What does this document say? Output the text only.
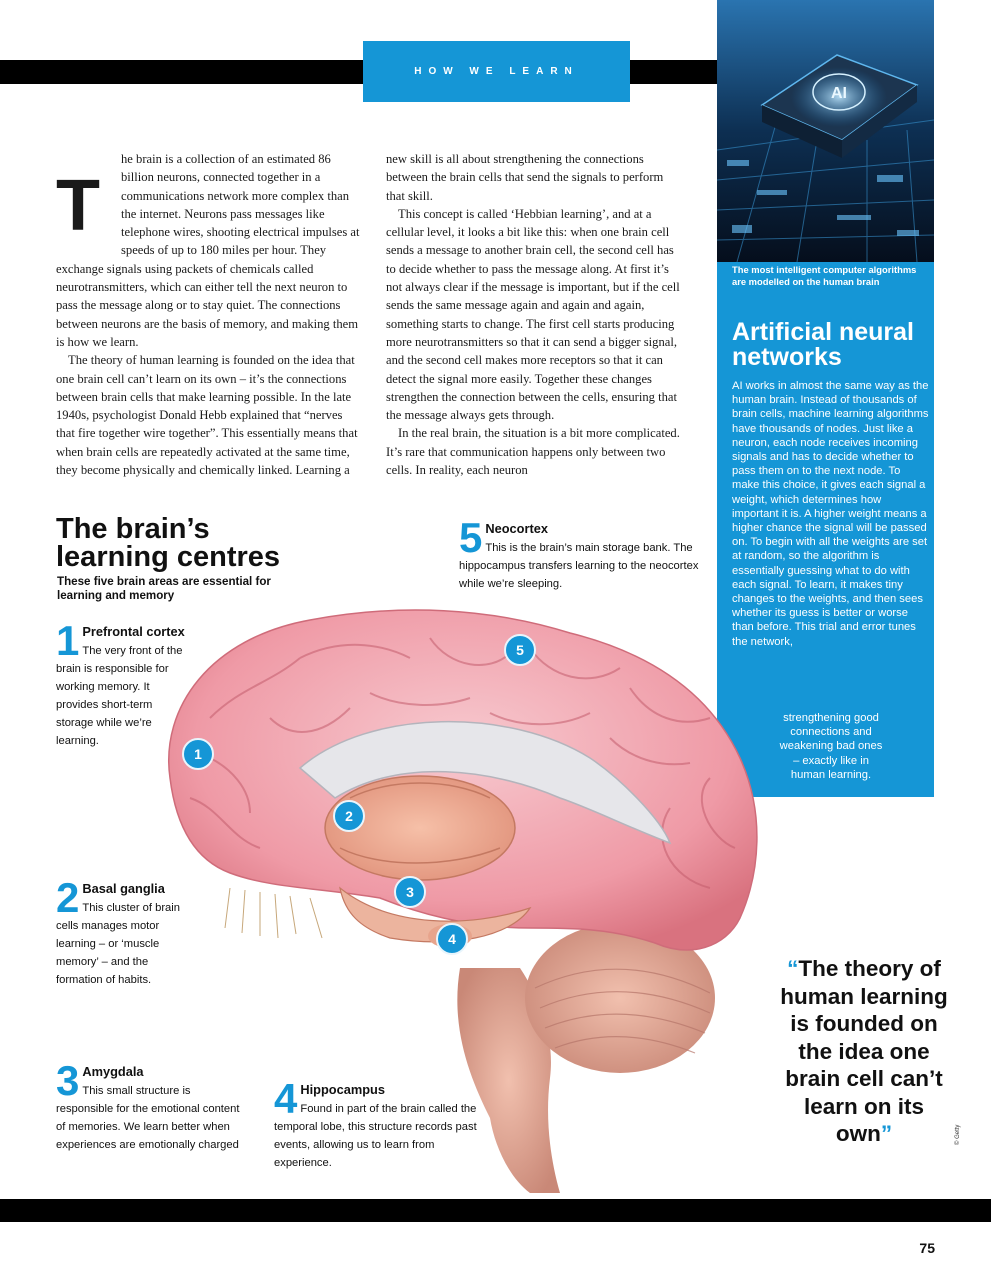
HOW WE LEARN

T
he brain is a collection of an estimated 86 billion neurons, connected together in a communications network more complex than the internet. Neurons pass messages like telephone wires, shooting electrical impulses at speeds of up to 180 miles per hour. They exchange signals using packets of chemicals called neurotransmitters, which can either tell the next neuron to pass the message along or to stay quiet. The connections between neurons are the basis of memory, and making them is how we learn.

The theory of human learning is founded on the idea that one brain cell can’t learn on its own – it’s the connections between brain cells that make learning possible. In the late 1940s, psychologist Donald Hebb explained that “nerves that fire together wire together”. This essentially means that when brain cells are repeatedly activated at the same time, they become physically and chemically linked. Learning a

new skill is all about strengthening the connections between the brain cells that send the signals to perform that skill.

This concept is called ‘Hebbian learning’, and at a cellular level, it looks a bit like this: when one brain cell sends a message to another brain cell, the second cell has to decide whether to pass the message along. At first it’s not always clear if the message is important, but if the cell sends the same message again and again and again, something starts to change. The first cell starts producing more neurotransmitters so that it can send a bigger signal, and the second cell makes more receptors so that it can detect the signal more easily. Together these changes strengthen the connection between the cells, ensuring that the message always gets through.

In the real brain, the situation is a bit more complicated. It’s rare that communication happens only between two cells. In reality, each neuron

AI
The most intelligent computer algorithms are modelled on the human brain
Artificial neural networks
AI works in almost the same way as the human brain. Instead of thousands of brain cells, machine learning algorithms have thousands of nodes. Just like a neuron, each node receives incoming signals and has to decide whether to pass them on to the next node. To make this choice, it gives each signal a weight, which determines how important it is. A higher weight means a higher chance the signal will be passed on. To begin with all the weights are set at random, so the algorithm is essentially guessing what to do with each signal. To learn, it makes tiny changes to the weights, and then sees whether its guess is better or worse than before. This trial and error tunes the network,
strengthening good
connections and
weakening bad ones
– exactly like in
human learning.
1
2
3
4
5
The brain’s
learning centres
These five brain areas are essential for learning and memory
1 Prefrontal cortex
The very front of the brain is responsible for working memory. It provides short-term storage while we’re learning.
2 Basal ganglia
This cluster of brain cells manages motor learning – or ‘muscle memory’ – and the formation of habits.
3 Amygdala
This small structure is responsible for the emotional content of memories. We learn better when experiences are emotionally charged
4 Hippocampus
Found in part of the brain called the temporal lobe, this structure records past events, allowing us to learn from experience.
5 Neocortex
This is the brain’s main storage bank. The hippocampus transfers learning to the neocortex while we’re sleeping.
“The theory of human learning is founded on the idea one brain cell can’t learn on its own”	© Getty
75
